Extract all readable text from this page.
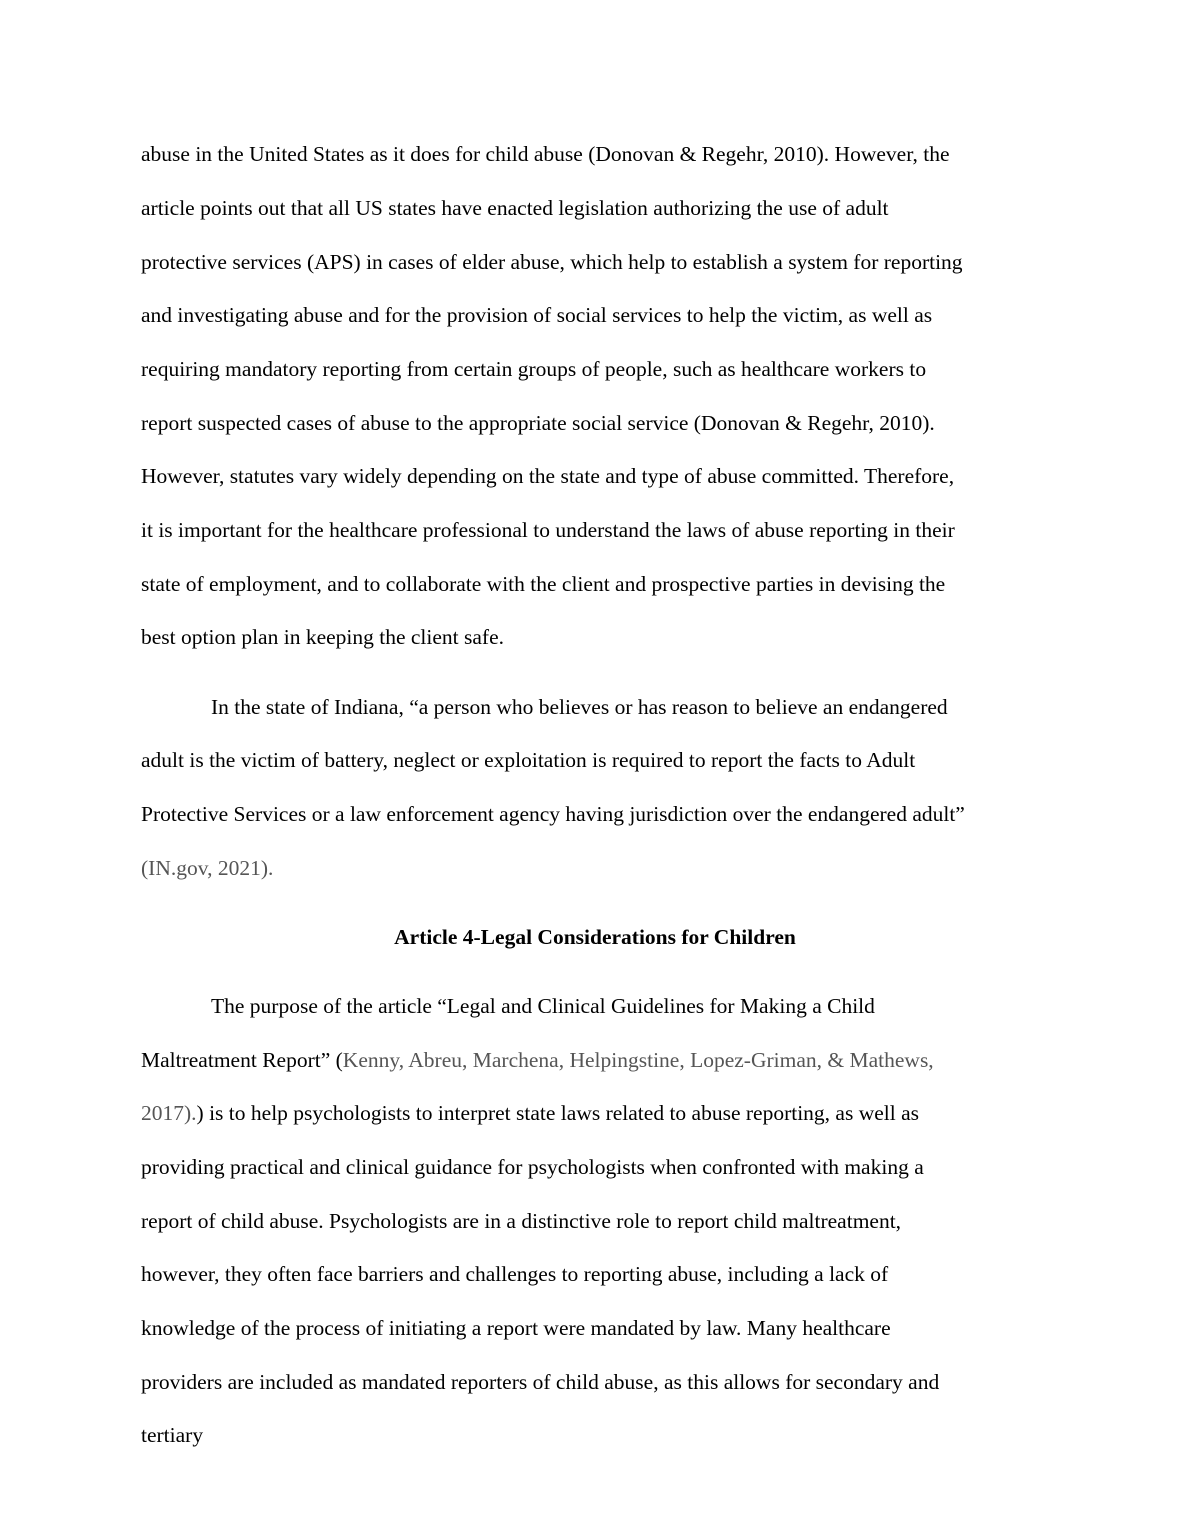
abuse in the United States as it does for child abuse (Donovan & Regehr, 2010). However, the

article points out that all US states have enacted legislation authorizing the use of adult

protective services (APS) in cases of elder abuse, which help to establish a system for reporting

and investigating abuse and for the provision of social services to help the victim, as well as

requiring mandatory reporting from certain groups of people, such as healthcare workers to

report suspected cases of abuse to the appropriate social service (Donovan & Regehr, 2010).

However, statutes vary widely depending on the state and type of abuse committed. Therefore,

it is important for the healthcare professional to understand the laws of abuse reporting in their

state of employment, and to collaborate with the client and prospective parties in devising the

best option plan in keeping the client safe.

In the state of Indiana, “a person who believes or has reason to believe an endangered

adult is the victim of battery, neglect or exploitation is required to report the facts to Adult

Protective Services or a law enforcement agency having jurisdiction over the endangered adult”

(IN.gov, 2021).

Article 4-Legal Considerations for Children

The purpose of the article “Legal and Clinical Guidelines for Making a Child

Maltreatment Report” (Kenny, Abreu, Marchena, Helpingstine, Lopez-Griman, & Mathews,

2017).) is to help psychologists to interpret state laws related to abuse reporting, as well as

providing practical and clinical guidance for psychologists when confronted with making a

report of child abuse. Psychologists are in a distinctive role to report child maltreatment,

however, they often face barriers and challenges to reporting abuse, including a lack of

knowledge of the process of initiating a report were mandated by law. Many healthcare

providers are included as mandated reporters of child abuse, as this allows for secondary and

tertiary
